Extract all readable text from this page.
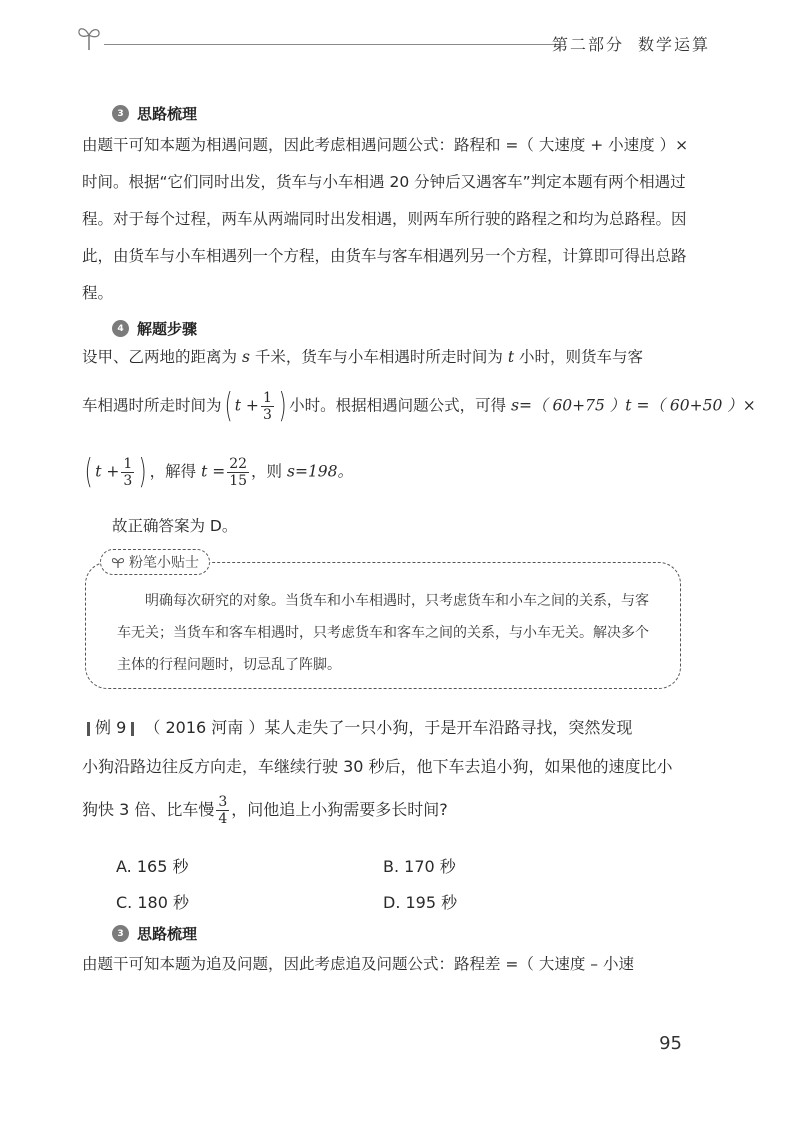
第二部分 数学运算
3 思路梳理
由题干可知本题为相遇问题，因此考虑相遇问题公式：路程和 =（ 大速度 + 小速度 ）× 时间。根据“它们同时出发，货车与小车相遇 20 分钟后又遇客车”判定本题有两个相遇过程。对于每个过程，两车从两端同时出发相遇，则两车所行驶的路程之和均为总路程。因此，由货车与小车相遇列一个方程，由货车与客车相遇列另一个方程，计算即可得出总路程。
4 解题步骤
设甲、乙两地的距离为 s 千米，货车与小车相遇时所走时间为 t 小时，则货车与客
车相遇时所走时间为( $t + \frac{1}{3}$ ) 小时。根据相遇问题公式，可得 s=（ 60+75 ）t =（ 60+50 ）×
( $t + \frac{1}{3}$ ) ，解得 $t = \frac{22}{15}$ ，则 s=198。
故正确答案为 D。
粉笔小贴士
明确每次研究的对象。当货车和小车相遇时，只考虑货车和小车之间的关系，与客车无关；当货车和客车相遇时，只考虑货车和客车之间的关系，与小车无关。解决多个主体的行程问题时，切忌乱了阵脚。
例 9 （ 2016 河南 ）某人走失了一只小狗，于是开车沿路寻找，突然发现
小狗沿路边往反方向走，车继续行驶 30 秒后，他下车去追小狗，如果他的速度比小
狗快 3 倍、比车慢 $\frac{3}{4}$ ，问他追上小狗需要多长时间?
A. 165 秒	B. 170 秒
C. 180 秒	D. 195 秒
3 思路梳理
由题干可知本题为追及问题，因此考虑追及问题公式：路程差 =（ 大速度 – 小速
95
